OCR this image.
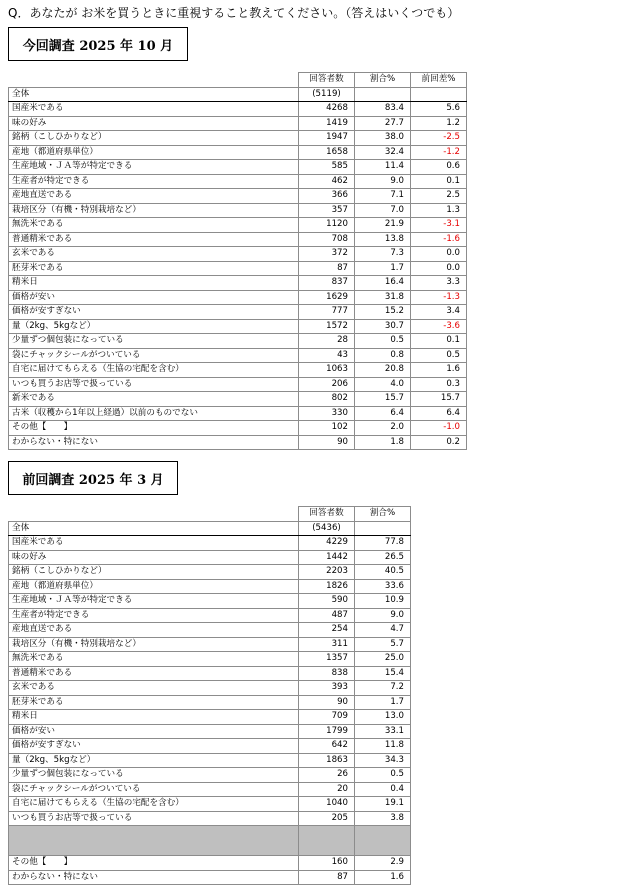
Q．あなたが お米を買うときに重視すること教えてください。（答えはいくつでも）
今回調査 2025 年 10 月
	回答者数	割合%	前回差%
全体	(5119)		
国産米である	4268	83.4	5.6
味の好み	1419	27.7	1.2
銘柄（こしひかりなど）	1947	38.0	-2.5
産地（都道府県単位）	1658	32.4	-1.2
生産地域・ＪＡ等が特定できる	585	11.4	0.6
生産者が特定できる	462	9.0	0.1
産地直送である	366	7.1	2.5
栽培区分（有機・特別栽培など）	357	7.0	1.3
無洗米である	1120	21.9	-3.1
普通精米である	708	13.8	-1.6
玄米である	372	7.3	0.0
胚芽米である	87	1.7	0.0
精米日	837	16.4	3.3
価格が安い	1629	31.8	-1.3
価格が安すぎない	777	15.2	3.4
量（2kg、5kgなど）	1572	30.7	-3.6
少量ずつ個包装になっている	28	0.5	0.1
袋にチャックシールがついている	43	0.8	0.5
自宅に届けてもらえる（生協の宅配を含む）	1063	20.8	1.6
いつも買うお店等で扱っている	206	4.0	0.3
新米である	802	15.7	15.7
古米（収穫から1年以上経過）以前のものでない	330	6.4	6.4
その他【　　】	102	2.0	-1.0
わからない・特にない	90	1.8	0.2
前回調査 2025 年 3 月
	回答者数	割合%
全体	(5436)	
国産米である	4229	77.8
味の好み	1442	26.5
銘柄（こしひかりなど）	2203	40.5
産地（都道府県単位）	1826	33.6
生産地域・ＪＡ等が特定できる	590	10.9
生産者が特定できる	487	9.0
産地直送である	254	4.7
栽培区分（有機・特別栽培など）	311	5.7
無洗米である	1357	25.0
普通精米である	838	15.4
玄米である	393	7.2
胚芽米である	90	1.7
精米日	709	13.0
価格が安い	1799	33.1
価格が安すぎない	642	11.8
量（2kg、5kgなど）	1863	34.3
少量ずつ個包装になっている	26	0.5
袋にチャックシールがついている	20	0.4
自宅に届けてもらえる（生協の宅配を含む）	1040	19.1
いつも買うお店等で扱っている	205	3.8

その他【　　】	160	2.9
わからない・特にない	87	1.6
